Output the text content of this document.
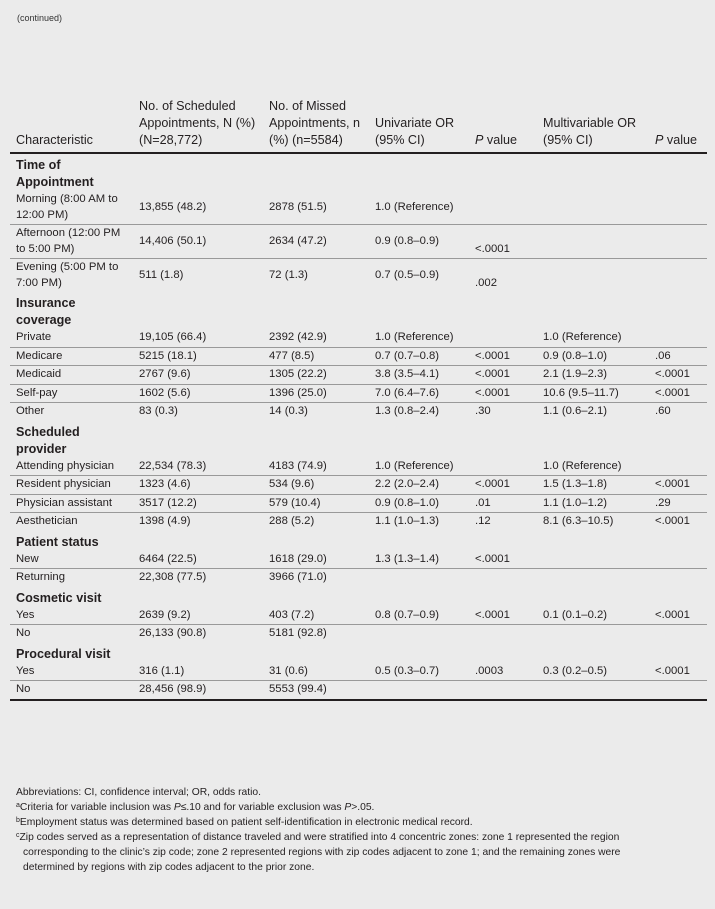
(continued)
Characteristic	No. of Scheduled Appointments, N (%) (N=28,772)	No. of Missed Appointments, n (%) (n=5584)	Univariate OR (95% CI)	P value	Multivariable OR (95% CI)	P value
Time of Appointment						
Morning (8:00 AM to 12:00 PM)	13,855 (48.2)	2878 (51.5)	1.0 (Reference)			
Afternoon (12:00 PM to 5:00 PM)	14,406 (50.1)	2634 (47.2)	0.9 (0.8–0.9)	<.0001		
Evening (5:00 PM to 7:00 PM)	511 (1.8)	72 (1.3)	0.7 (0.5–0.9)	.002		
Insurance coverage						
Private	19,105 (66.4)	2392 (42.9)	1.0 (Reference)		1.0 (Reference)	
Medicare	5215 (18.1)	477 (8.5)	0.7 (0.7–0.8)	<.0001	0.9 (0.8–1.0)	.06
Medicaid	2767 (9.6)	1305 (22.2)	3.8 (3.5–4.1)	<.0001	2.1 (1.9–2.3)	<.0001
Self-pay	1602 (5.6)	1396 (25.0)	7.0 (6.4–7.6)	<.0001	10.6 (9.5–11.7)	<.0001
Other	83 (0.3)	14 (0.3)	1.3 (0.8–2.4)	.30	1.1 (0.6–2.1)	.60
Scheduled provider						
Attending physician	22,534 (78.3)	4183 (74.9)	1.0 (Reference)		1.0 (Reference)	
Resident physician	1323 (4.6)	534 (9.6)	2.2 (2.0–2.4)	<.0001	1.5 (1.3–1.8)	<.0001
Physician assistant	3517 (12.2)	579 (10.4)	0.9 (0.8–1.0)	.01	1.1 (1.0–1.2)	.29
Aesthetician	1398 (4.9)	288 (5.2)	1.1 (1.0–1.3)	.12	8.1 (6.3–10.5)	<.0001
Patient status						
New	6464 (22.5)	1618 (29.0)	1.3 (1.3–1.4)	<.0001		
Returning	22,308 (77.5)	3966 (71.0)				
Cosmetic visit						
Yes	2639 (9.2)	403 (7.2)	0.8 (0.7–0.9)	<.0001	0.1 (0.1–0.2)	<.0001
No	26,133 (90.8)	5181 (92.8)				
Procedural visit						
Yes	316 (1.1)	31 (0.6)	0.5 (0.3–0.7)	.0003	0.3 (0.2–0.5)	<.0001
No	28,456 (98.9)	5553 (99.4)				
Abbreviations: CI, confidence interval; OR, odds ratio.
$^a$Criteria for variable inclusion was P≤.10 and for variable exclusion was P>.05.
$^b$Employment status was determined based on patient self-identification in electronic medical record.
$^c$Zip codes served as a representation of distance traveled and were stratified into 4 concentric zones: zone 1 represented the region
corresponding to the clinic’s zip code; zone 2 represented regions with zip codes adjacent to zone 1; and the remaining zones were
determined by regions with zip codes adjacent to the prior zone.
